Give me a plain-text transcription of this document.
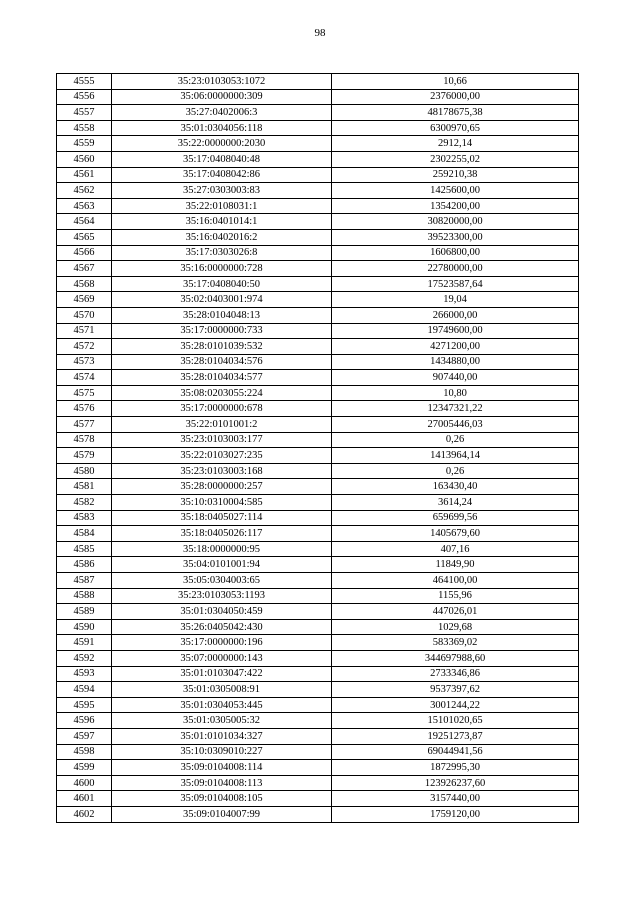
98
4555	35:23:0103053:1072	10,66
4556	35:06:0000000:309	2376000,00
4557	35:27:0402006:3	48178675,38
4558	35:01:0304056:118	6300970,65
4559	35:22:0000000:2030	2912,14
4560	35:17:0408040:48	2302255,02
4561	35:17:0408042:86	259210,38
4562	35:27:0303003:83	1425600,00
4563	35:22:0108031:1	1354200,00
4564	35:16:0401014:1	30820000,00
4565	35:16:0402016:2	39523300,00
4566	35:17:0303026:8	1606800,00
4567	35:16:0000000:728	22780000,00
4568	35:17:0408040:50	17523587,64
4569	35:02:0403001:974	19,04
4570	35:28:0104048:13	266000,00
4571	35:17:0000000:733	19749600,00
4572	35:28:0101039:532	4271200,00
4573	35:28:0104034:576	1434880,00
4574	35:28:0104034:577	907440,00
4575	35:08:0203055:224	10,80
4576	35:17:0000000:678	12347321,22
4577	35:22:0101001:2	27005446,03
4578	35:23:0103003:177	0,26
4579	35:22:0103027:235	1413964,14
4580	35:23:0103003:168	0,26
4581	35:28:0000000:257	163430,40
4582	35:10:0310004:585	3614,24
4583	35:18:0405027:114	659699,56
4584	35:18:0405026:117	1405679,60
4585	35:18:0000000:95	407,16
4586	35:04:0101001:94	11849,90
4587	35:05:0304003:65	464100,00
4588	35:23:0103053:1193	1155,96
4589	35:01:0304050:459	447026,01
4590	35:26:0405042:430	1029,68
4591	35:17:0000000:196	583369,02
4592	35:07:0000000:143	344697988,60
4593	35:01:0103047:422	2733346,86
4594	35:01:0305008:91	9537397,62
4595	35:01:0304053:445	3001244,22
4596	35:01:0305005:32	15101020,65
4597	35:01:0101034:327	19251273,87
4598	35:10:0309010:227	69044941,56
4599	35:09:0104008:114	1872995,30
4600	35:09:0104008:113	123926237,60
4601	35:09:0104008:105	3157440,00
4602	35:09:0104007:99	1759120,00
